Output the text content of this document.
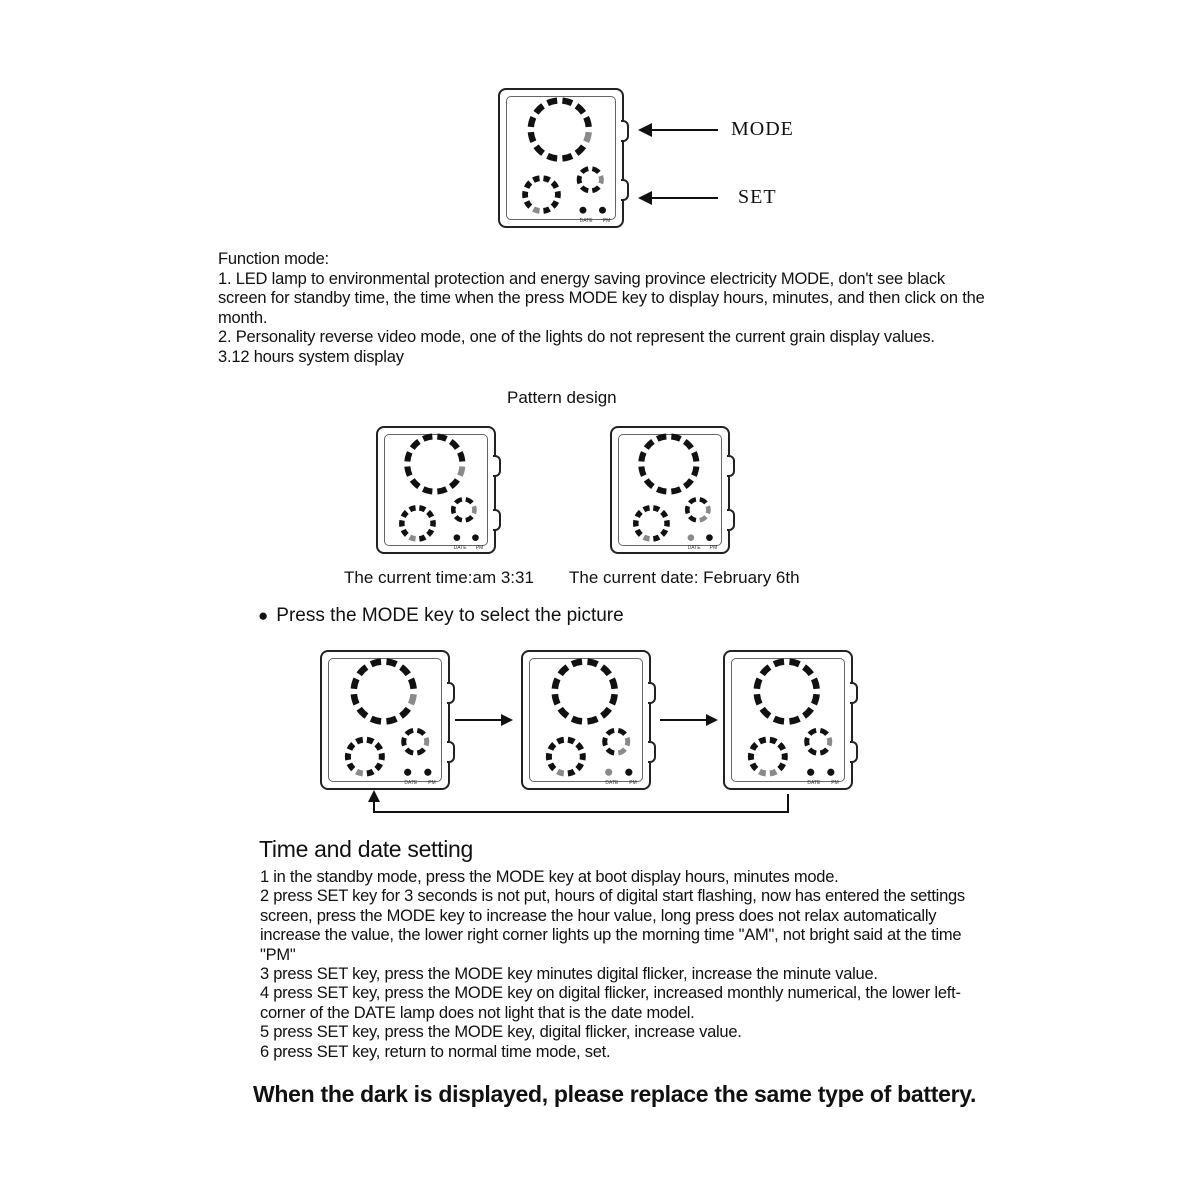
DATE PM
MODE
SET
Function mode:
1. LED lamp to environmental protection and energy saving province electricity MODE, don't see black
screen for standby time, the time when the press MODE key to display hours, minutes, and then click on the
month.
2. Personality reverse video mode, one of the lights do not represent the current grain display values.
3.12 hours system display
Pattern design
DATE PM	DATE PM
The current time:am 3:31 The current date: February 6th
● Press the MODE key to select the picture
DATE PM	DATE PM	DATE PM
Time and date setting
1 in the standby mode, press the MODE key at boot display hours, minutes mode.
2 press SET key for 3 seconds is not put, hours of digital start flashing, now has entered the settings
screen, press the MODE key to increase the hour value, long press does not relax automatically
increase the value, the lower right corner lights up the morning time "AM", not bright said at the time
"PM"
3 press SET key, press the MODE key minutes digital flicker, increase the minute value.
4 press SET key, press the MODE key on digital flicker, increased monthly numerical, the lower left-
corner of the DATE lamp does not light that is the date model.
5 press SET key, press the MODE key, digital flicker, increase value.
6 press SET key, return to normal time mode, set.
When the dark is displayed, please replace the same type of battery.
